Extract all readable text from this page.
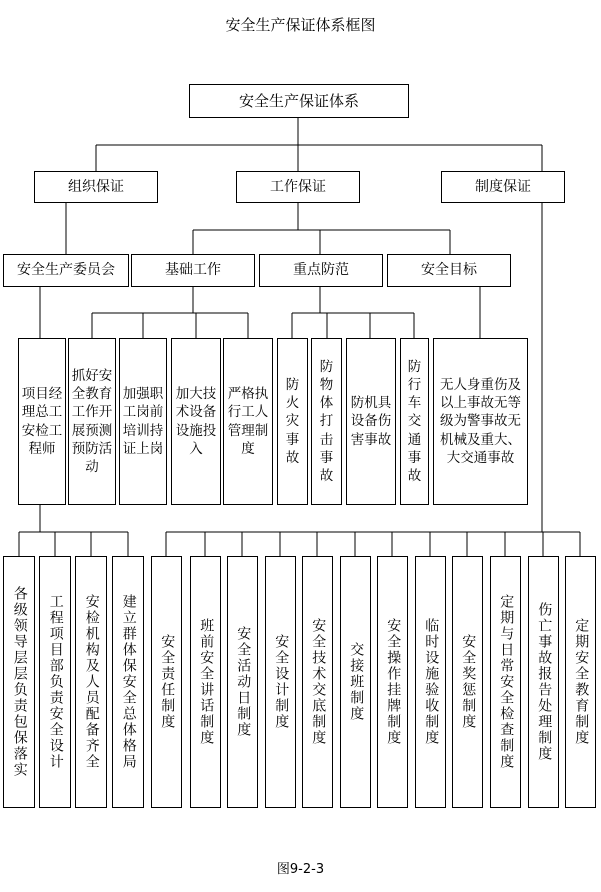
安全生产保证体系框图
安全生产保证体系
组织保证	工作保证	制度保证
安全生产委员会	基础工作	重点防范	安全目标
项目经理总工安检工程师
抓好安全教育工作开展预测预防活动
加强职工岗前培训持证上岗
加大技术设备设施投入
严格执行工人管理制度
防火灾事故
防物体打击事故
防机具设备伤害事故
防行车交通事故
无人身重伤及以上事故无等级为警事故无机械及重大、大交通事故
各级领导层层负责包保落实	工程项目部负责安全设计	安检机构及人员配备齐全	建立群体保安全总体格局	安全责任制度	班前安全讲话制度	安全活动日制度	安全设计制度	安全技术交底制度	交接班制度	安全操作挂牌制度	临时设施验收制度	安全奖惩制度	定期与日常安全检查制度	伤亡事故报告处理制度	定期安全教育制度
图9-2-3
